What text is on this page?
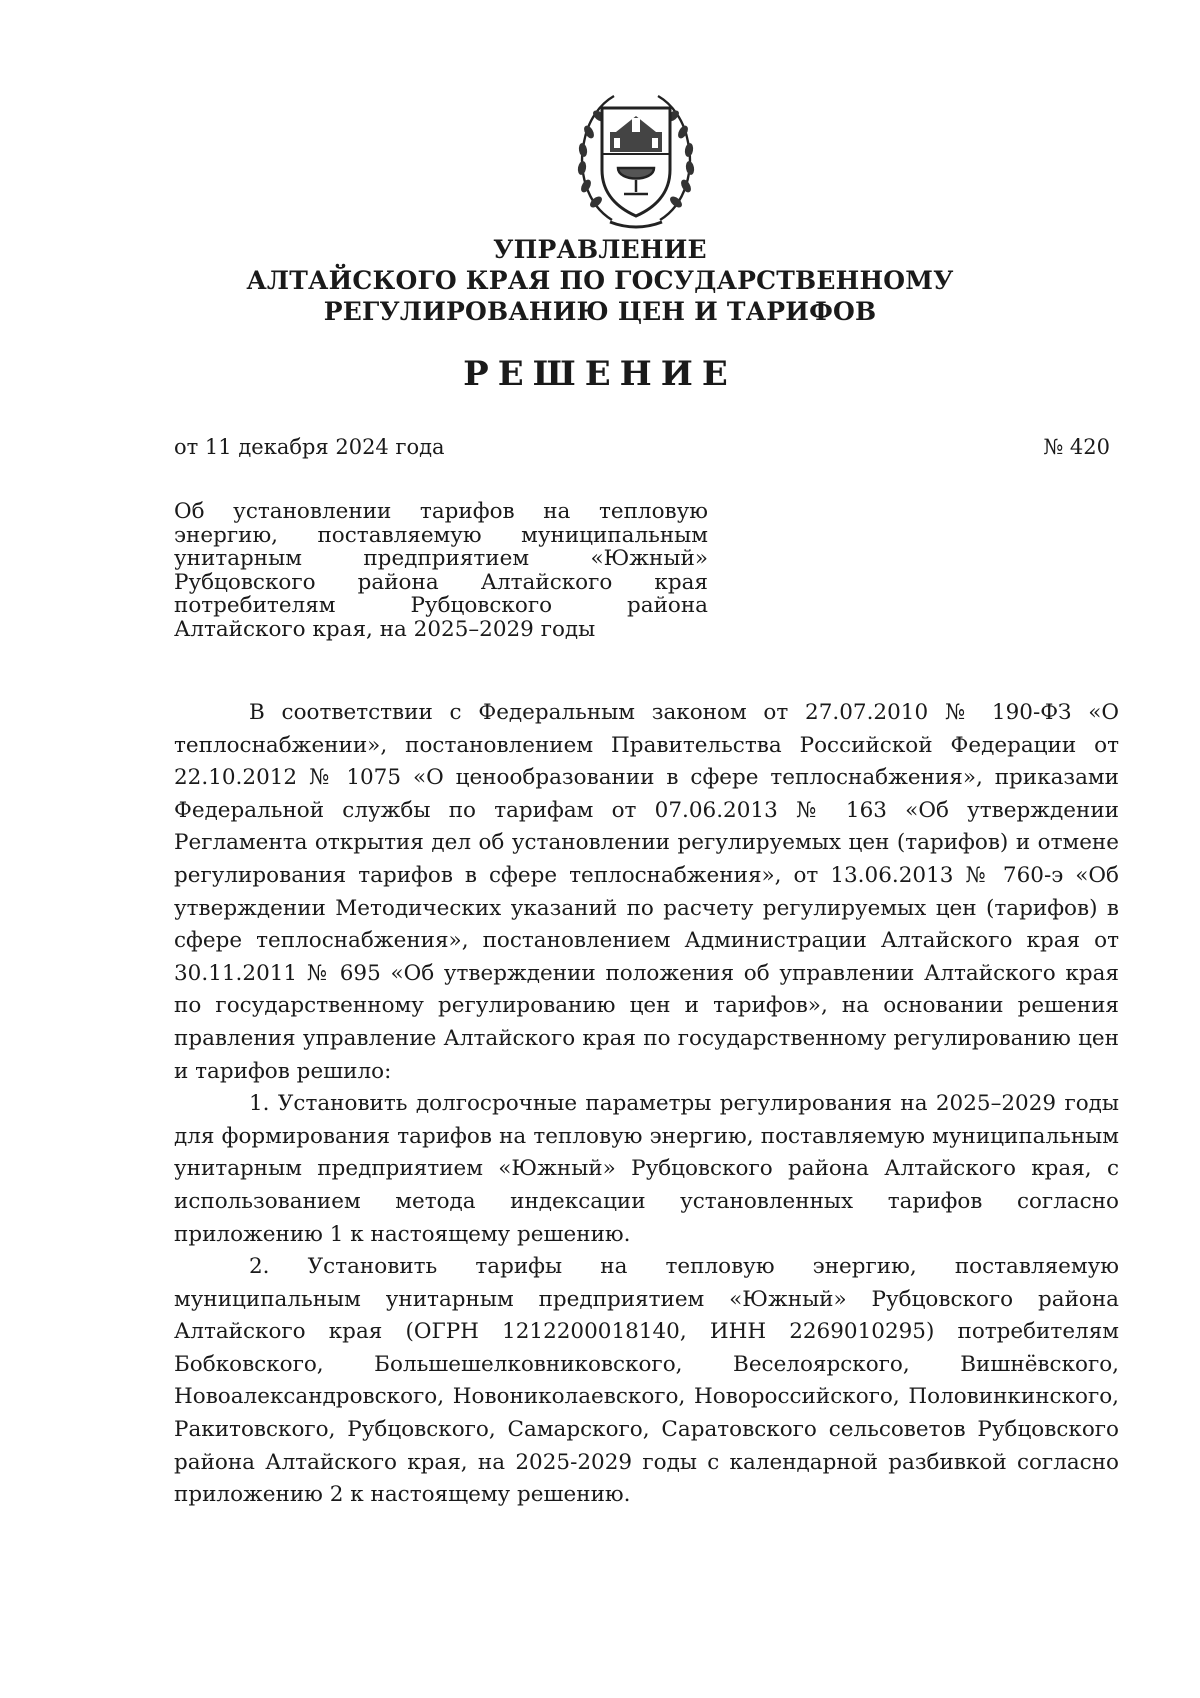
УПРАВЛЕНИЕ
АЛТАЙСКОГО КРАЯ ПО ГОСУДАРСТВЕННОМУ
РЕГУЛИРОВАНИЮ ЦЕН И ТАРИФОВ
РЕШЕНИЕ
от 11 декабря 2024 года	№ 420
Об установлении тарифов на тепловую энергию, поставляемую муниципальным унитарным предприятием «Южный» Рубцовского района Алтайского края потребителям Рубцовского района Алтайского края, на 2025–2029 годы

В соответствии с Федеральным законом от 27.07.2010 № 190-ФЗ «О теплоснабжении», постановлением Правительства Российской Федерации от 22.10.2012 № 1075 «О ценообразовании в сфере теплоснабжения», приказами Федеральной службы по тарифам от 07.06.2013 № 163 «Об утверждении Регламента открытия дел об установлении регулируемых цен (тарифов) и отмене регулирования тарифов в сфере теплоснабжения», от 13.06.2013 № 760-э «Об утверждении Методических указаний по расчету регулируемых цен (тарифов) в сфере теплоснабжения», постановлением Администрации Алтайского края от 30.11.2011 № 695 «Об утверждении положения об управлении Алтайского края по государственному регулированию цен и тарифов», на основании решения правления управление Алтайского края по государственному регулированию цен и тарифов решило:

1. Установить долгосрочные параметры регулирования на 2025–2029 годы для формирования тарифов на тепловую энергию, поставляемую муниципальным унитарным предприятием «Южный» Рубцовского района Алтайского края, с использованием метода индексации установленных тарифов согласно приложению 1 к настоящему решению.

2. Установить тарифы на тепловую энергию, поставляемую муниципальным унитарным предприятием «Южный» Рубцовского района Алтайского края (ОГРН 1212200018140, ИНН 2269010295) потребителям Бобковского, Большешелковниковского, Веселоярского, Вишнёвского, Новоалександровского, Новониколаевского, Новороссийского, Половинкинского, Ракитовского, Рубцовского, Самарского, Саратовского сельсоветов Рубцовского района Алтайского края, на 2025-2029 годы с календарной разбивкой согласно приложению 2 к настоящему решению.
